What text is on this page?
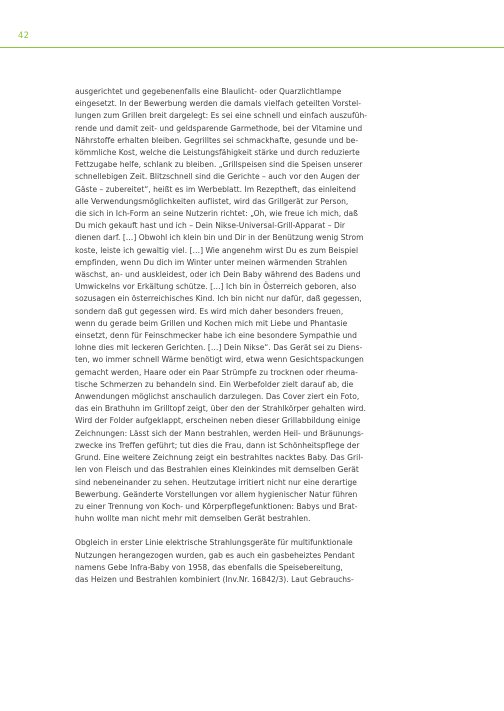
42
ausgerichtet und gegebenenfalls eine Blaulicht- oder Quarzlichtlampe
eingesetzt. In der Bewerbung werden die damals vielfach geteilten Vorstel-
lungen zum Grillen breit dargelegt: Es sei eine schnell und einfach auszufüh-
rende und damit zeit- und geldsparende Garmethode, bei der Vitamine und
Nährstoffe erhalten bleiben. Gegrilltes sei schmackhafte, gesunde und be-
kömmliche Kost, welche die Leistungsfähigkeit stärke und durch reduzierte
Fettzugabe helfe, schlank zu bleiben. „Grillspeisen sind die Speisen unserer
schnellebigen Zeit. Blitzschnell sind die Gerichte – auch vor den Augen der
Gäste – zubereitet“, heißt es im Werbeblatt. Im Rezeptheft, das einleitend
alle Verwendungsmöglichkeiten auflistet, wird das Grillgerät zur Person,
die sich in Ich-Form an seine Nutzerin richtet: „Oh, wie freue ich mich, daß
Du mich gekauft hast und ich – Dein Nikse-Universal-Grill-Apparat – Dir
dienen darf. […] Obwohl ich klein bin und Dir in der Benützung wenig Strom
koste, leiste ich gewaltig viel. […] Wie angenehm wirst Du es zum Beispiel
empfinden, wenn Du dich im Winter unter meinen wärmenden Strahlen
wäschst, an- und auskleidest, oder ich Dein Baby während des Badens und
Umwickelns vor Erkältung schütze. […] Ich bin in Österreich geboren, also
sozusagen ein österreichisches Kind. Ich bin nicht nur dafür, daß gegessen,
sondern daß gut gegessen wird. Es wird mich daher besonders freuen,
wenn du gerade beim Grillen und Kochen mich mit Liebe und Phantasie
einsetzt, denn für Feinschmecker habe ich eine besondere Sympathie und
lohne dies mit leckeren Gerichten. […] Dein Nikse“. Das Gerät sei zu Diens-
ten, wo immer schnell Wärme benötigt wird, etwa wenn Gesichtspackungen
gemacht werden, Haare oder ein Paar Strümpfe zu trocknen oder rheuma-
tische Schmerzen zu behandeln sind. Ein Werbefolder zielt darauf ab, die
Anwendungen möglichst anschaulich darzulegen. Das Cover ziert ein Foto,
das ein Brathuhn im Grilltopf zeigt, über den der Strahlkörper gehalten wird.
Wird der Folder aufgeklappt, erscheinen neben dieser Grillabbildung einige
Zeichnungen: Lässt sich der Mann bestrahlen, werden Heil- und Bräunungs-
zwecke ins Treffen geführt; tut dies die Frau, dann ist Schönheitspflege der
Grund. Eine weitere Zeichnung zeigt ein bestrahltes nacktes Baby. Das Gril-
len von Fleisch und das Bestrahlen eines Kleinkindes mit demselben Gerät
sind nebeneinander zu sehen. Heutzutage irritiert nicht nur eine derartige
Bewerbung. Geänderte Vorstellungen vor allem hygienischer Natur führen
zu einer Trennung von Koch- und Körperpflegefunktionen: Babys und Brat-
huhn wollte man nicht mehr mit demselben Gerät bestrahlen.
Obgleich in erster Linie elektrische Strahlungsgeräte für multifunktionale
Nutzungen herangezogen wurden, gab es auch ein gasbeheiztes Pendant
namens Gebe Infra-Baby von 1958, das ebenfalls die Speisebereitung,
das Heizen und Bestrahlen kombiniert (Inv.Nr. 16842/3). Laut Gebrauchs-
